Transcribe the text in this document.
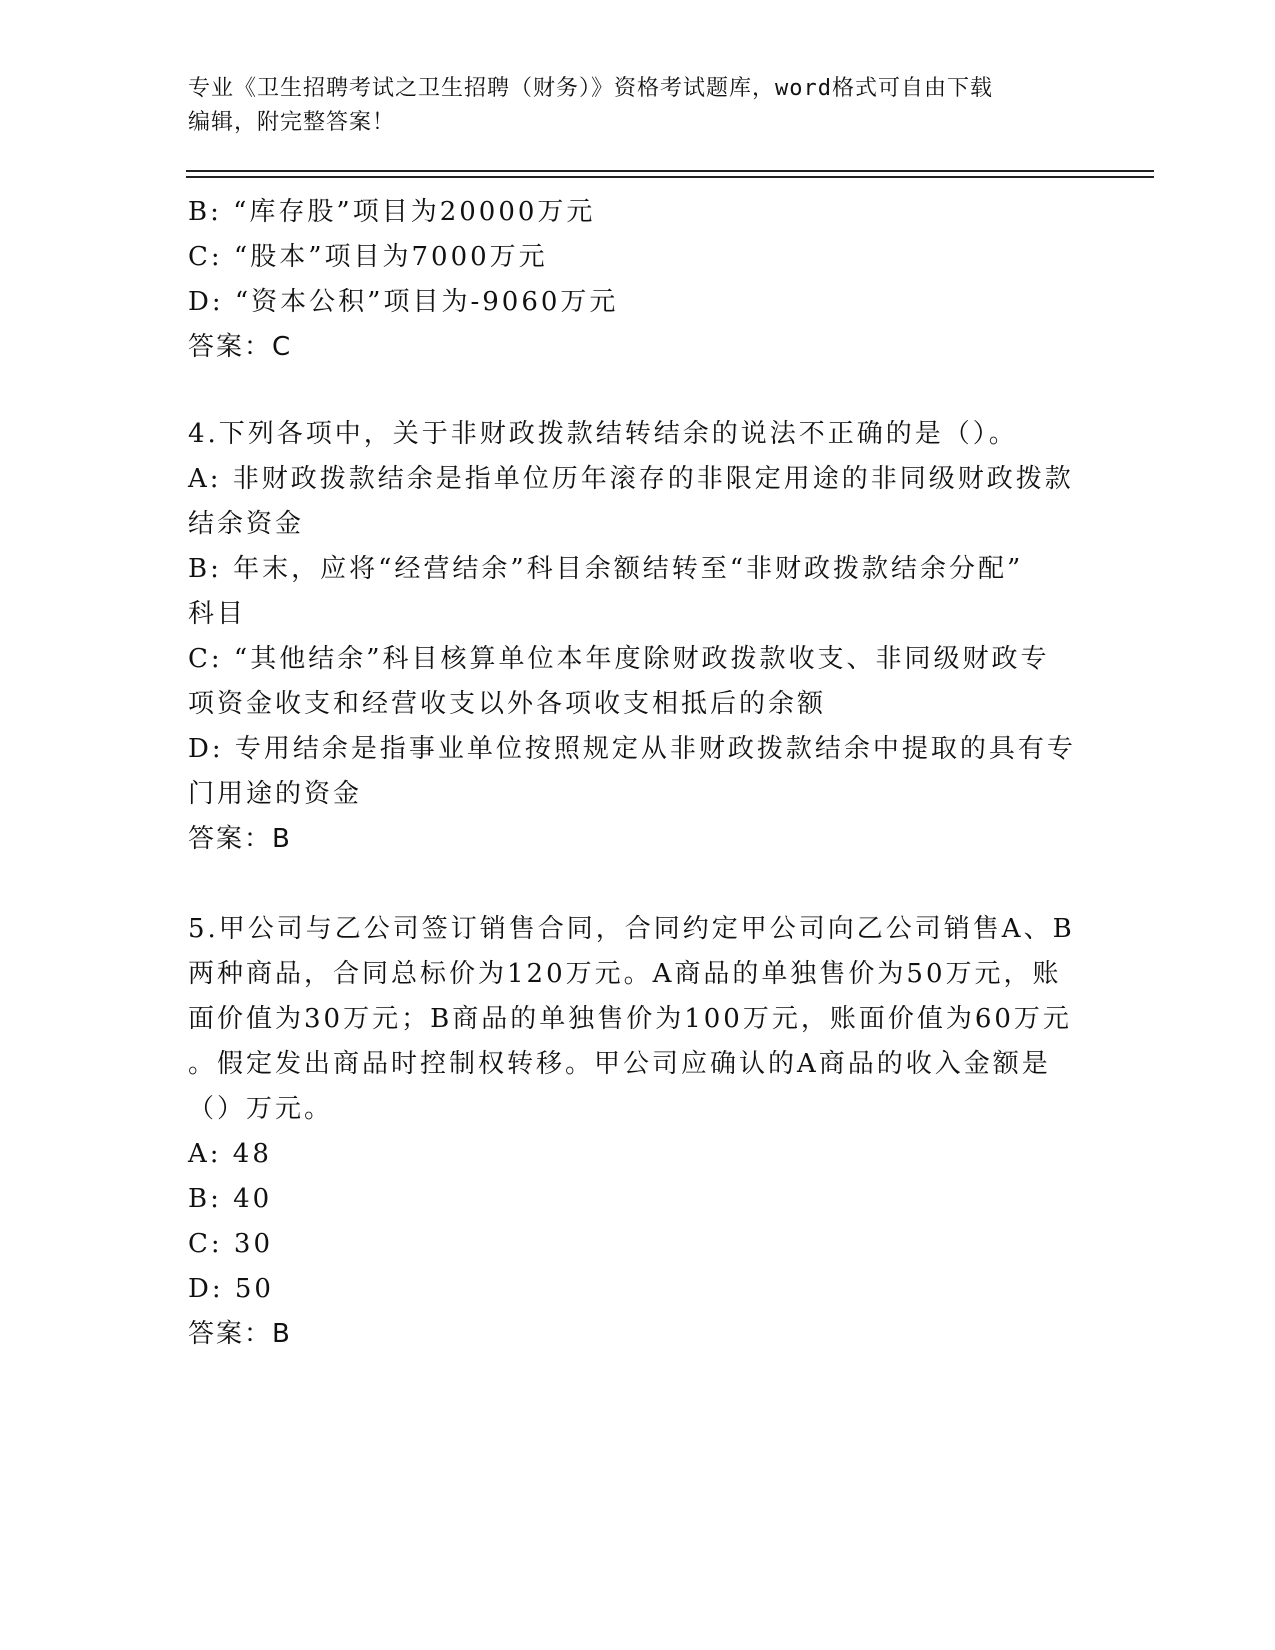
专业《卫生招聘考试之卫生招聘（财务）》资格考试题库，word格式可自由下载
编辑，附完整答案！
B: “库存股”项目为20000万元
C: “股本”项目为7000万元
D: “资本公积”项目为-9060万元
答案：C
4.下列各项中，关于非财政拨款结转结余的说法不正确的是（）。
A: 非财政拨款结余是指单位历年滚存的非限定用途的非同级财政拨款
结余资金
B: 年末，应将“经营结余”科目余额结转至“非财政拨款结余分配”
科目
C: “其他结余”科目核算单位本年度除财政拨款收支、非同级财政专
项资金收支和经营收支以外各项收支相抵后的余额
D: 专用结余是指事业单位按照规定从非财政拨款结余中提取的具有专
门用途的资金
答案：B
5.甲公司与乙公司签订销售合同，合同约定甲公司向乙公司销售A、B
两种商品，合同总标价为120万元。A商品的单独售价为50万元，账
面价值为30万元；B商品的单独售价为100万元，账面价值为60万元
。假定发出商品时控制权转移。甲公司应确认的A商品的收入金额是
（）万元。
A: 48
B: 40
C: 30
D: 50
答案：B
